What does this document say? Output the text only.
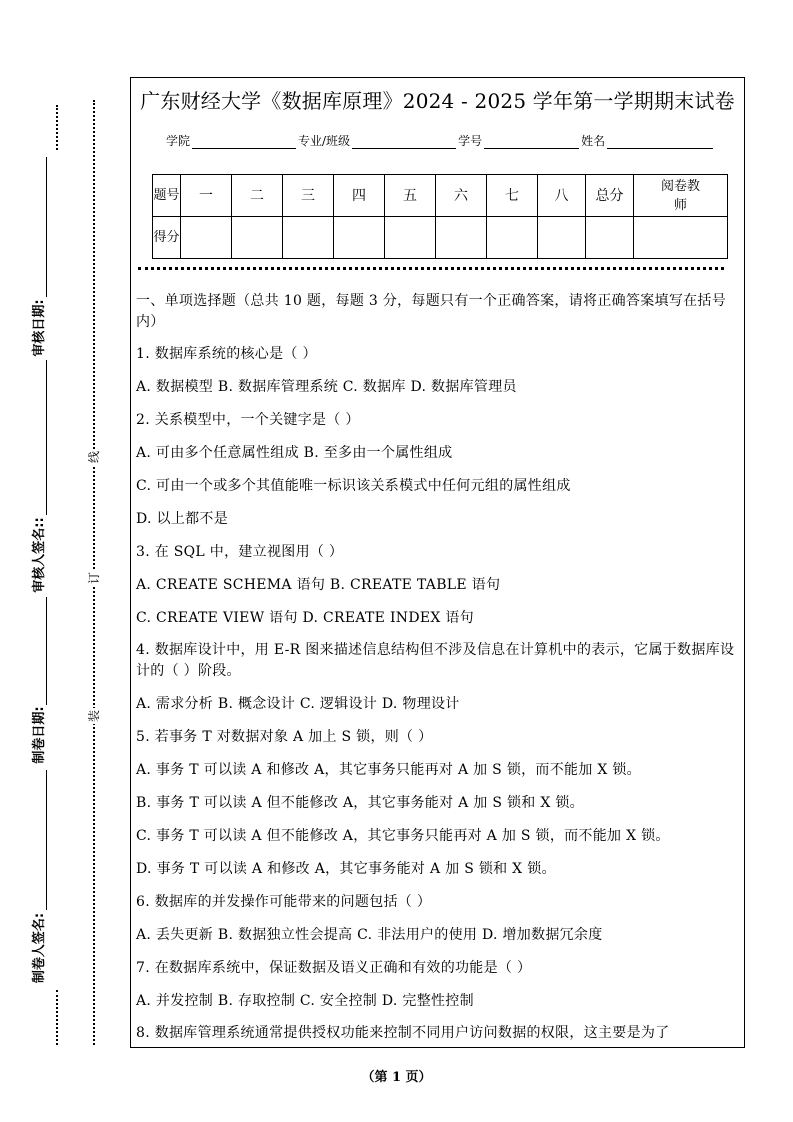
审核日期:
审核人签名::
制卷日期:
制卷人签名:
线
订
装
广东财经大学《数据库原理》2024 - 2025 学年第一学期期末试卷
学院	专业/班级	学号	姓名
题号	一	二	三	四	五	六	七	八	总分	阅卷教师
得分										
一、单项选择题（总共 10 题，每题 3 分，每题只有一个正确答案，请将正确答案填写在括号内）
1. 数据库系统的核心是（ ）
A. 数据模型 B. 数据库管理系统 C. 数据库 D. 数据库管理员
2. 关系模型中，一个关键字是（ ）
A. 可由多个任意属性组成 B. 至多由一个属性组成
C. 可由一个或多个其值能唯一标识该关系模式中任何元组的属性组成
D. 以上都不是
3. 在 SQL 中，建立视图用（ ）
A. CREATE SCHEMA 语句 B. CREATE TABLE 语句
C. CREATE VIEW 语句 D. CREATE INDEX 语句
4. 数据库设计中，用 E-R 图来描述信息结构但不涉及信息在计算机中的表示，它属于数据库设计的（ ）阶段。
A. 需求分析 B. 概念设计 C. 逻辑设计 D. 物理设计
5. 若事务 T 对数据对象 A 加上 S 锁，则（ ）
A. 事务 T 可以读 A 和修改 A，其它事务只能再对 A 加 S 锁，而不能加 X 锁。
B. 事务 T 可以读 A 但不能修改 A，其它事务能对 A 加 S 锁和 X 锁。
C. 事务 T 可以读 A 但不能修改 A，其它事务只能再对 A 加 S 锁，而不能加 X 锁。
D. 事务 T 可以读 A 和修改 A，其它事务能对 A 加 S 锁和 X 锁。
6. 数据库的并发操作可能带来的问题包括（ ）
A. 丢失更新 B. 数据独立性会提高 C. 非法用户的使用 D. 增加数据冗余度
7. 在数据库系统中，保证数据及语义正确和有效的功能是（ ）
A. 并发控制 B. 存取控制 C. 安全控制 D. 完整性控制
8. 数据库管理系统通常提供授权功能来控制不同用户访问数据的权限，这主要是为了
（第 1 页）
